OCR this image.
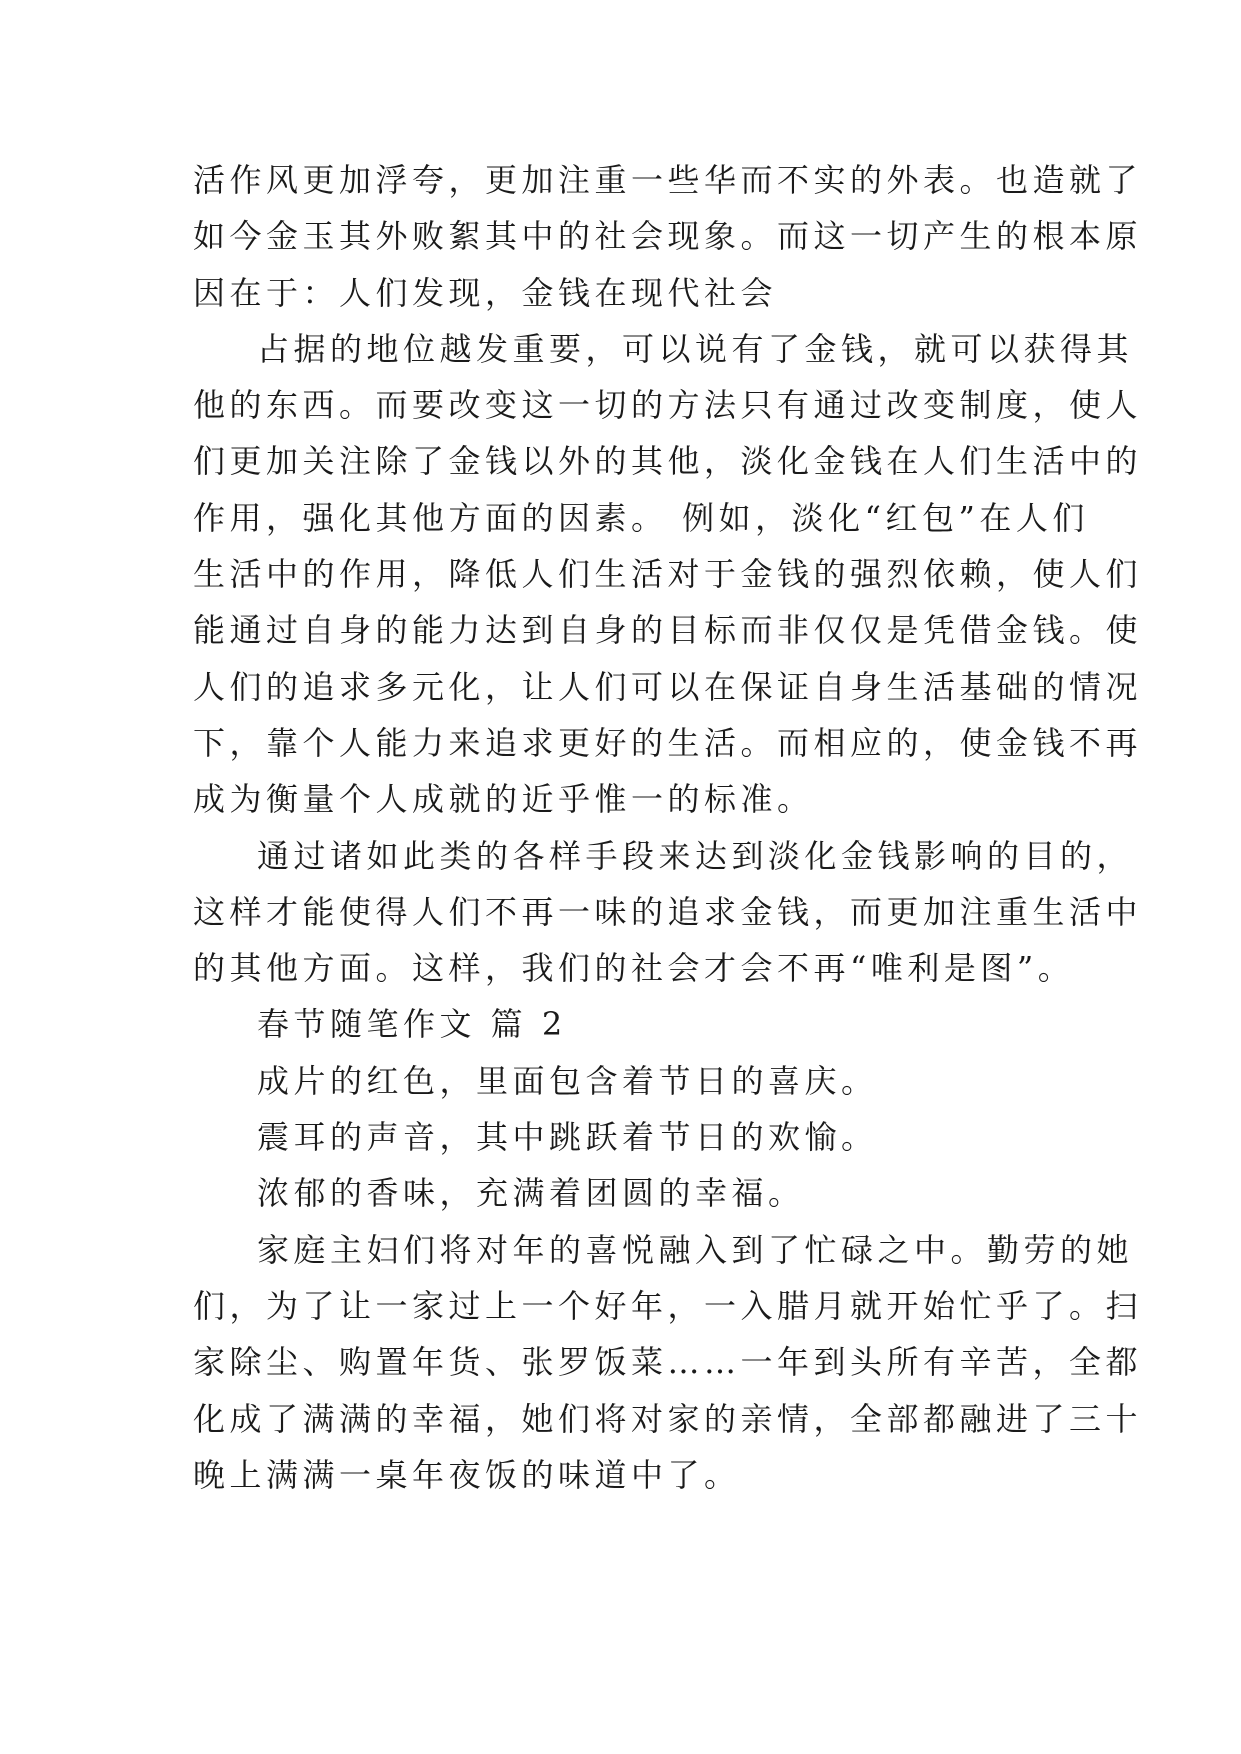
活作风更加浮夸，更加注重一些华而不实的外表。也造就了
如今金玉其外败絮其中的社会现象。而这一切产生的根本原
因在于：人们发现，金钱在现代社会
占据的地位越发重要，可以说有了金钱，就可以获得其
他的东西。而要改变这一切的方法只有通过改变制度，使人
们更加关注除了金钱以外的其他，淡化金钱在人们生活中的
作用，强化其他方面的因素。 例如，淡化“红包”在人们
生活中的作用，降低人们生活对于金钱的强烈依赖，使人们
能通过自身的能力达到自身的目标而非仅仅是凭借金钱。使
人们的追求多元化，让人们可以在保证自身生活基础的情况
下，靠个人能力来追求更好的生活。而相应的，使金钱不再
成为衡量个人成就的近乎惟一的标准。
通过诸如此类的各样手段来达到淡化金钱影响的目的，
这样才能使得人们不再一味的追求金钱，而更加注重生活中
的其他方面。这样，我们的社会才会不再“唯利是图”。
春节随笔作文 篇 2
成片的红色，里面包含着节日的喜庆。
震耳的声音，其中跳跃着节日的欢愉。
浓郁的香味，充满着团圆的幸福。
家庭主妇们将对年的喜悦融入到了忙碌之中。勤劳的她
们，为了让一家过上一个好年，一入腊月就开始忙乎了。扫
家除尘、购置年货、张罗饭菜……一年到头所有辛苦，全都
化成了满满的幸福，她们将对家的亲情，全部都融进了三十
晚上满满一桌年夜饭的味道中了。
